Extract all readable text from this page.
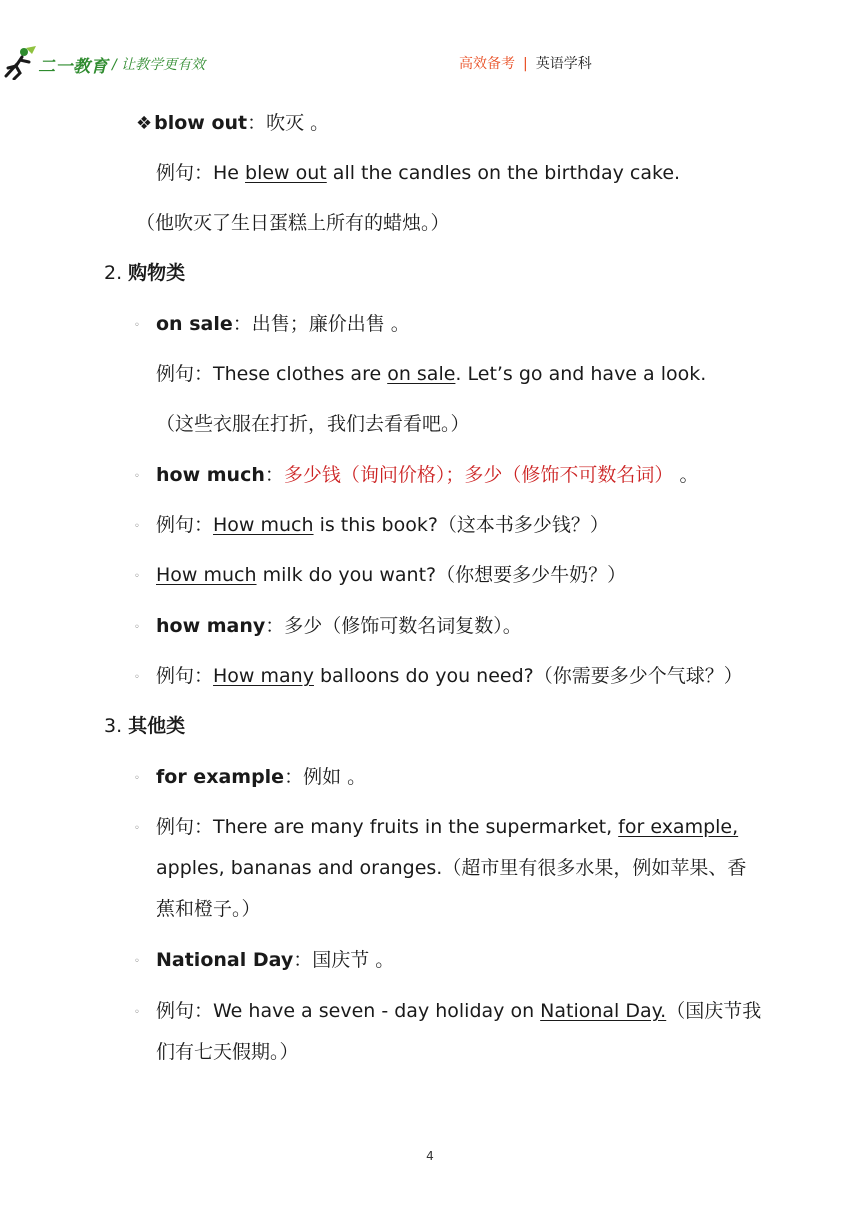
二一教育 / 让教学更有效	高效备考 | 英语学科
❖ blow out：吹灭 。
例句：He blew out all the candles on the birthday cake.
（他吹灭了生日蛋糕上所有的蜡烛。）
2. 购物类
◦ on sale：出售；廉价出售 。
例句：These clothes are on sale. Let’s go and have a look.
（这些衣服在打折，我们去看看吧。）
◦ how much：多少钱（询问价格）；多少（修饰不可数名词） 。
◦ 例句：How much is this book?（这本书多少钱？）
◦ How much milk do you want?（你想要多少牛奶？）
◦ how many：多少（修饰可数名词复数）。
◦ 例句：How many balloons do you need?（你需要多少个气球？）
3. 其他类
◦ for example：例如 。
◦ 例句：There are many fruits in the supermarket, for example,
apples, bananas and oranges.（超市里有很多水果，例如苹果、香
蕉和橙子。）
◦ National Day：国庆节 。
◦ 例句：We have a seven - day holiday on National Day.（国庆节我
们有七天假期。）
4
